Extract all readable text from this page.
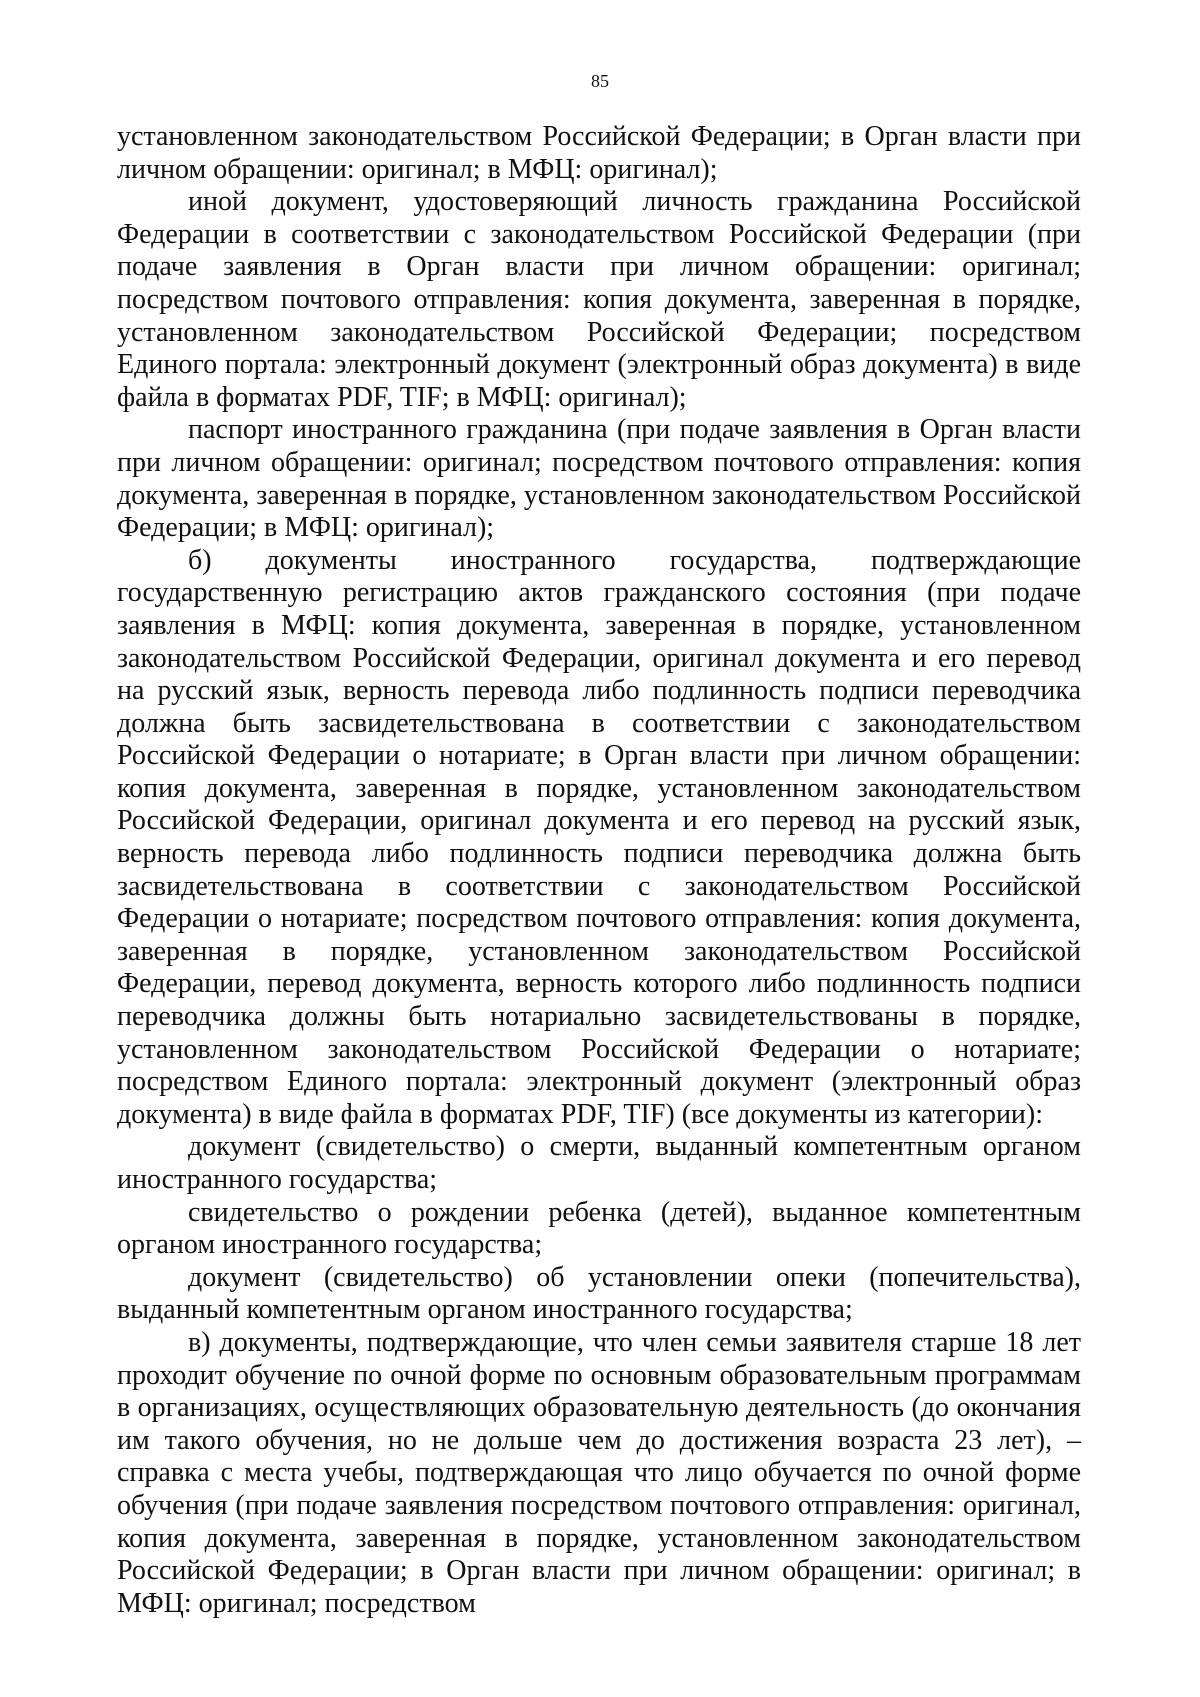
85

установленном законодательством Российской Федерации; в Орган власти при личном обращении: оригинал; в МФЦ: оригинал);

иной документ, удостоверяющий личность гражданина Российской Федерации в соответствии с законодательством Российской Федерации (при подаче заявления в Орган власти при личном обращении: оригинал; посредством почтового отправления: копия документа, заверенная в порядке, установленном законодательством Российской Федерации; посредством Единого портала: электронный документ (электронный образ документа) в виде файла в форматах PDF, TIF; в МФЦ: оригинал);

паспорт иностранного гражданина (при подаче заявления в Орган власти при личном обращении: оригинал; посредством почтового отправления: копия документа, заверенная в порядке, установленном законодательством Российской Федерации; в МФЦ: оригинал);

б) документы иностранного государства, подтверждающие государственную регистрацию актов гражданского состояния (при подаче заявления в МФЦ: копия документа, заверенная в порядке, установленном законодательством Российской Федерации, оригинал документа и его перевод на русский язык, верность перевода либо подлинность подписи переводчика должна быть засвидетельствована в соответствии с законодательством Российской Федерации о нотариате; в Орган власти при личном обращении: копия документа, заверенная в порядке, установленном законодательством Российской Федерации, оригинал документа и его перевод на русский язык, верность перевода либо подлинность подписи переводчика должна быть засвидетельствована в соответствии с законодательством Российской Федерации о нотариате; посредством почтового отправления: копия документа, заверенная в порядке, установленном законодательством Российской Федерации, перевод документа, верность которого либо подлинность подписи переводчика должны быть нотариально засвидетельствованы в порядке, установленном законодательством Российской Федерации о нотариате; посредством Единого портала: электронный документ (электронный образ документа) в виде файла в форматах PDF, TIF) (все документы из категории):

документ (свидетельство) о смерти, выданный компетентным органом иностранного государства;

свидетельство о рождении ребенка (детей), выданное компетентным органом иностранного государства;

документ (свидетельство) об установлении опеки (попечительства), выданный компетентным органом иностранного государства;

в) документы, подтверждающие, что член семьи заявителя старше 18 лет проходит обучение по очной форме по основным образовательным программам в организациях, осуществляющих образовательную деятельность (до окончания им такого обучения, но не дольше чем до достижения возраста 23 лет), – справка с места учебы, подтверждающая что лицо обучается по очной форме обучения (при подаче заявления посредством почтового отправления: оригинал, копия документа, заверенная в порядке, установленном законодательством Российской Федерации; в Орган власти при личном обращении: оригинал; в МФЦ: оригинал; посредством
